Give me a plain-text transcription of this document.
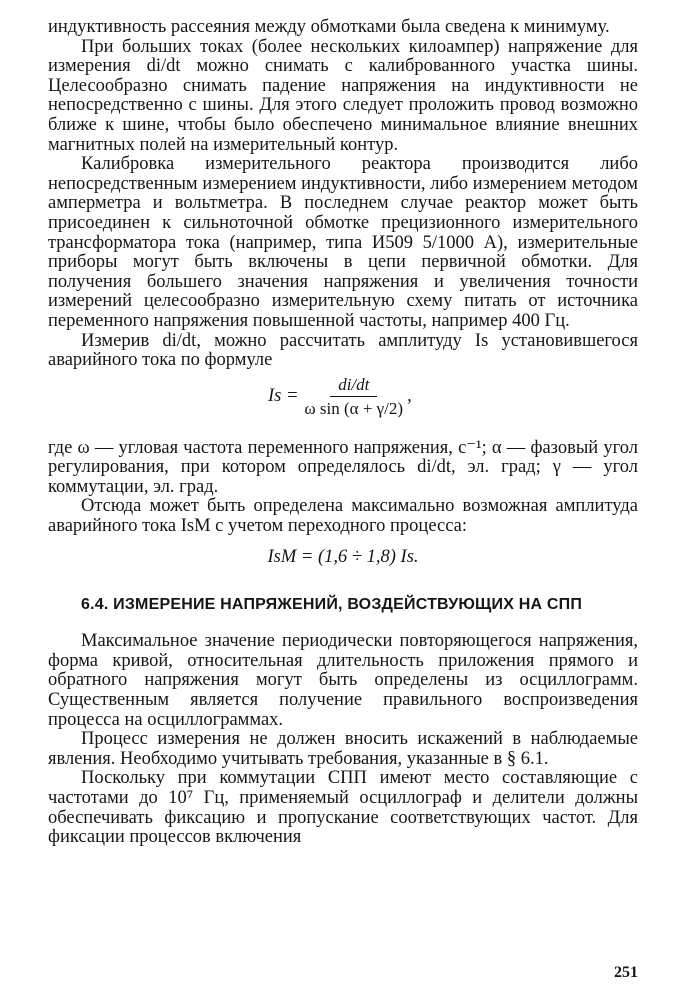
индуктивность рассеяния между обмотками была сведена к минимуму.

При больших токах (более нескольких килоампер) напряжение для измерения di/dt можно снимать с калиброванного участка шины. Целесообразно снимать падение напряжения на индуктивности не непосредственно с шины. Для этого следует проложить провод возможно ближе к шине, чтобы было обеспечено минимальное влияние внешних магнитных полей на измерительный контур.

Калибровка измерительного реактора производится либо непосредственным измерением индуктивности, либо измерением методом амперметра и вольтметра. В последнем случае реактор может быть присоединен к сильноточной обмотке прецизионного измерительного трансформатора тока (например, типа И509 5/1000 А), измерительные приборы могут быть включены в цепи первичной обмотки. Для получения большего значения напряжения и увеличения точности измерений целесообразно измерительную схему питать от источника переменного напряжения повышенной частоты, например 400 Гц.

Измерив di/dt, можно рассчитать амплитуду Iѕ установившегося аварийного тока по формуле

Iѕ = $\frac{di/dt}{\text{ω sin (α + γ/2)}}$ ,

где ω — угловая частота переменного напряжения, с⁻¹; α — фазовый угол регулирования, при котором определялось di/dt, эл. град; γ — угол коммутации, эл. град.

Отсюда может быть определена максимально возможная амплитуда аварийного тока IѕM с учетом переходного процесса:

IѕM = (1,6 ÷ 1,8) Iѕ.
6.4. ИЗМЕРЕНИЕ НАПРЯЖЕНИЙ, ВОЗДЕЙСТВУЮЩИХ НА СПП

Максимальное значение периодически повторяющегося напряжения, форма кривой, относительная длительность приложения прямого и обратного напряжения могут быть определены из осциллограмм. Существенным является получение правильного воспроизведения процесса на осциллограммах.

Процесс измерения не должен вносить искажений в наблюдаемые явления. Необходимо учитывать требования, указанные в § 6.1.

Поскольку при коммутации СПП имеют место составляющие с частотами до 10⁷ Гц, применяемый осциллограф и делители должны обеспечивать фиксацию и пропускание соответствующих частот. Для фиксации процессов включения

251
